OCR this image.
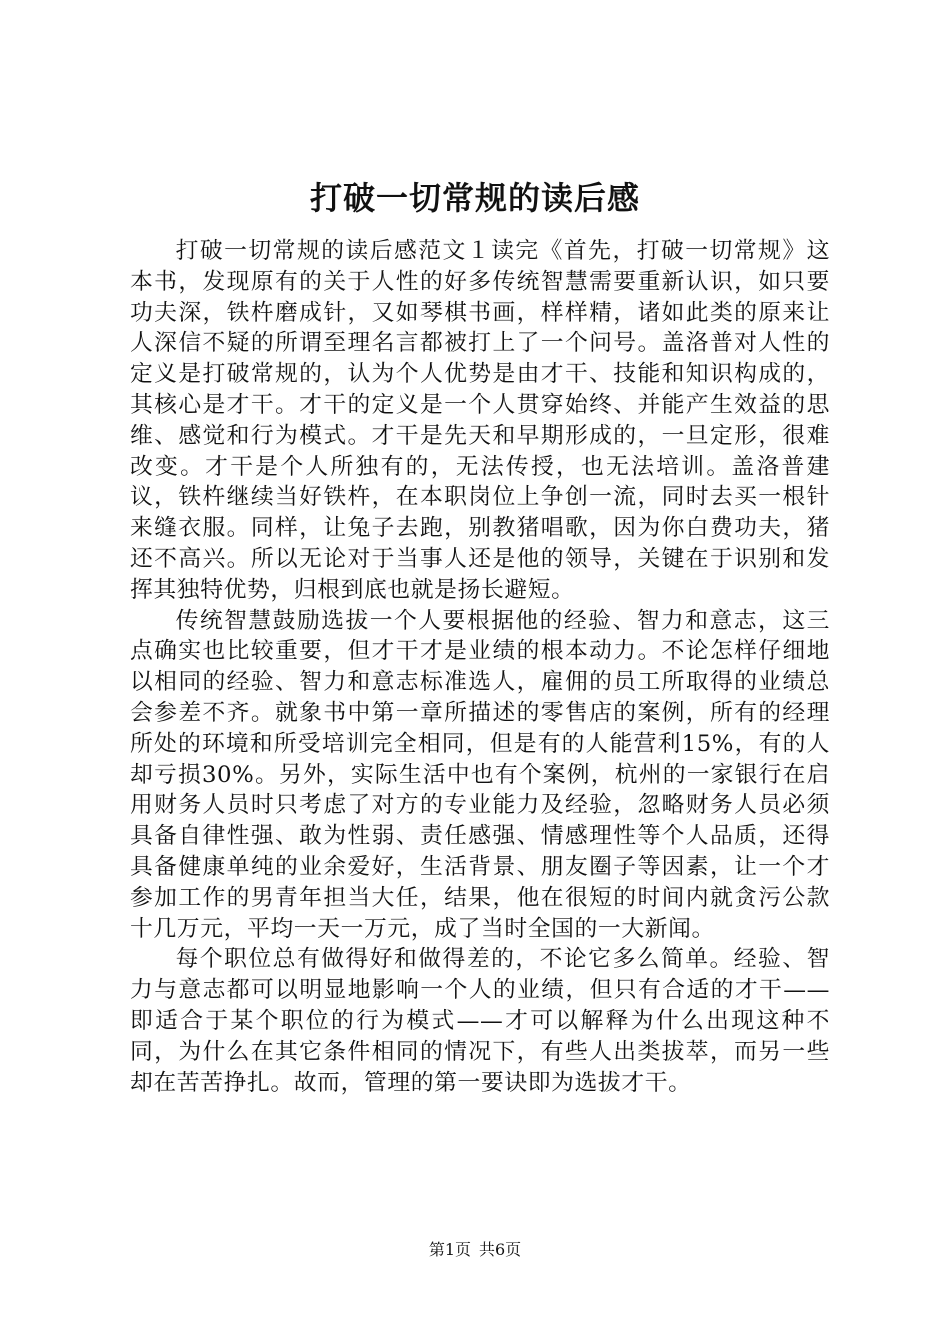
打破一切常规的读后感

打破一切常规的读后感范文１读完《首先，打破一切常规》这本书，发现原有的关于人性的好多传统智慧需要重新认识，如只要功夫深，铁杵磨成针，又如琴棋书画，样样精，诸如此类的原来让人深信不疑的所谓至理名言都被打上了一个问号。盖洛普对人性的定义是打破常规的，认为个人优势是由才干、技能和知识构成的，其核心是才干。才干的定义是一个人贯穿始终、并能产生效益的思维、感觉和行为模式。才干是先天和早期形成的，一旦定形，很难改变。才干是个人所独有的，无法传授，也无法培训。盖洛普建议，铁杵继续当好铁杵，在本职岗位上争创一流，同时去买一根针来缝衣服。同样，让兔子去跑，别教猪唱歌，因为你白费功夫，猪还不高兴。所以无论对于当事人还是他的领导，关键在于识别和发挥其独特优势，归根到底也就是扬长避短。

传统智慧鼓励选拔一个人要根据他的经验、智力和意志，这三点确实也比较重要，但才干才是业绩的根本动力。不论怎样仔细地以相同的经验、智力和意志标准选人，雇佣的员工所取得的业绩总会参差不齐。就象书中第一章所描述的零售店的案例，所有的经理所处的环境和所受培训完全相同，但是有的人能营利15%，有的人却亏损30%。另外，实际生活中也有个案例，杭州的一家银行在启用财务人员时只考虑了对方的专业能力及经验，忽略财务人员必须具备自律性强、敢为性弱、责任感强、情感理性等个人品质，还得具备健康单纯的业余爱好，生活背景、朋友圈子等因素，让一个才参加工作的男青年担当大任，结果，他在很短的时间内就贪污公款十几万元，平均一天一万元，成了当时全国的一大新闻。

每个职位总有做得好和做得差的，不论它多么简单。经验、智力与意志都可以明显地影响一个人的业绩，但只有合适的才干——即适合于某个职位的行为模式——才可以解释为什么出现这种不同，为什么在其它条件相同的情况下，有些人出类拔萃，而另一些却在苦苦挣扎。故而，管理的第一要诀即为选拔才干。

第1页 共6页
